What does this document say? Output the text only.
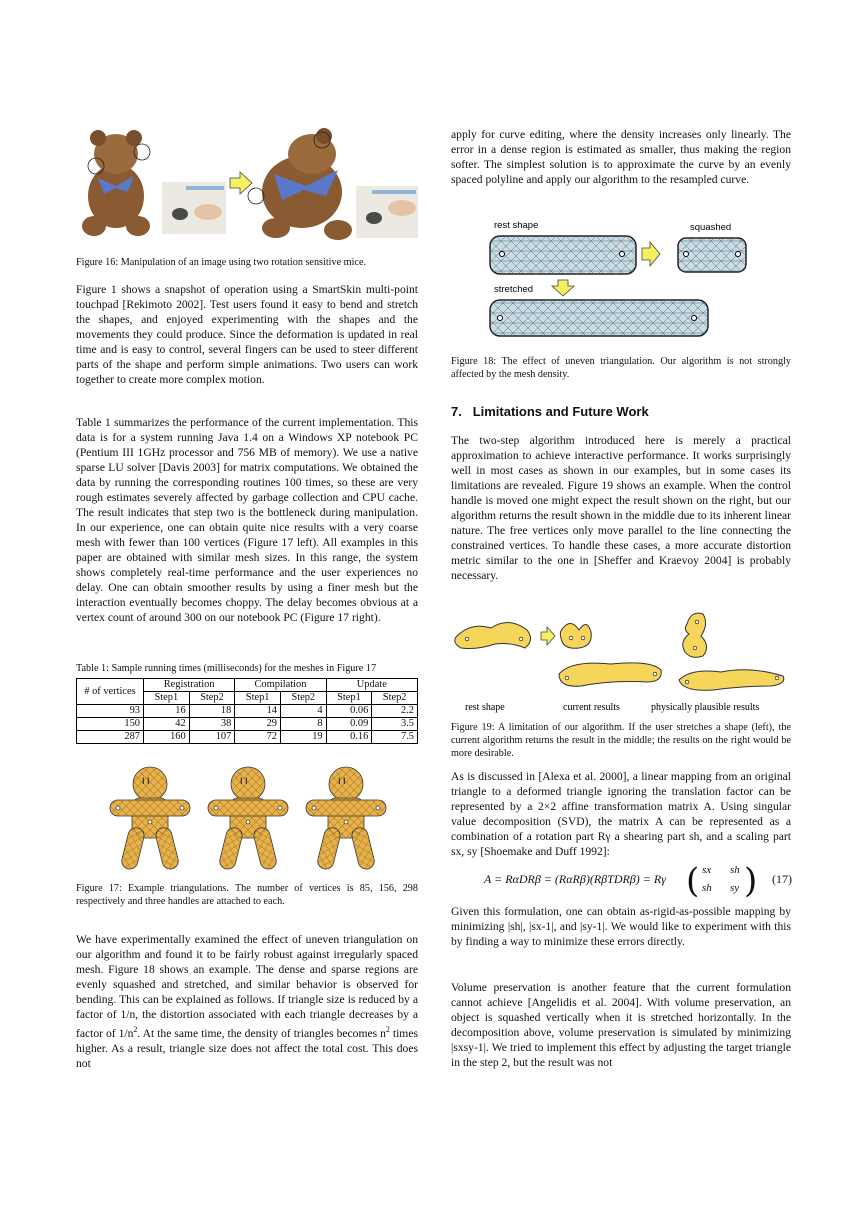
Figure 16: Manipulation of an image using two rotation sensitive mice.

Figure 1 shows a snapshot of operation using a SmartSkin multi-point touchpad [Rekimoto 2002]. Test users found it easy to bend and stretch the shapes, and enjoyed experimenting with the shapes and the movements they could produce. Since the deformation is updated in real time and is easy to control, several fingers can be used to steer different parts of the shape and perform simple animations. Two users can work together to create more complex motion.

Table 1 summarizes the performance of the current implementation. This data is for a system running Java 1.4 on a Windows XP notebook PC (Pentium III 1GHz processor and 756 MB of memory). We use a native sparse LU solver [Davis 2003] for matrix computations. We obtained the data by running the corresponding routines 100 times, so these are very rough estimates severely affected by garbage collection and CPU cache. The result indicates that step two is the bottleneck during manipulation. In our experience, one can obtain quite nice results with a very coarse mesh with fewer than 100 vertices (Figure 17 left). All examples in this paper are obtained with similar mesh sizes. In this range, the system shows completely real-time performance and the user experiences no delay. One can obtain smoother results by using a finer mesh but the interaction eventually becomes choppy. The delay becomes obvious at a vertex count of around 300 on our notebook PC (Figure 17 right).

Table 1: Sample running times (milliseconds) for the meshes in Figure 17

# of vertices	Registration		Compilation		Update	
	Step1	Step2	Step1	Step2	Step1	Step2
93	16	18	14	4	0.06	2.2
150	42	38	29	8	0.09	3.5
287	160	107	72	19	0.16	7.5
I I	I I	I I

Figure 17: Example triangulations. The number of vertices is 85, 156, 298 respectively and three handles are attached to each.

We have experimentally examined the effect of uneven triangulation on our algorithm and found it to be fairly robust against irregularly spaced mesh. Figure 18 shows an example. The dense and sparse regions are evenly squashed and stretched, and similar behavior is observed for bending. This can be explained as follows. If triangle size is reduced by a factor of 1/n, the distortion associated with each triangle decreases by a factor of $1/n^2$. At the same time, the density of triangles becomes $n^2$ times higher. As a result, triangle size does not affect the total cost. This does not

apply for curve editing, where the density increases only linearly. The error in a dense region is estimated as smaller, thus making the region softer. The simplest solution is to approximate the curve by an evenly spaced polyline and apply our algorithm to the resampled curve.

rest shape	squashed
stretched

Figure 18: The effect of uneven triangulation. Our algorithm is not strongly affected by the mesh density.

7. Limitations and Future Work

The two-step algorithm introduced here is merely a practical approximation to achieve interactive performance. It works surprisingly well in most cases as shown in our examples, but in some cases its limitations are revealed. Figure 19 shows an example. When the control handle is moved one might expect the result shown on the right, but our algorithm returns the result shown in the middle due to its inherent linear nature. The free vertices only move parallel to the line connecting the constrained vertices. To handle these cases, a more accurate distortion metric similar to the one in [Sheffer and Kraevoy 2004] is probably necessary.

rest shape	current results	physically plausible results

Figure 19: A limitation of our algorithm. If the user stretches a shape (left), the current algorithm returns the result in the middle; the results on the right would be more desirable.

As is discussed in [Alexa et al. 2000], a linear mapping from an original triangle to a deformed triangle ignoring the translation factor can be represented by a 2×2 affine transformation matrix A. Using singular value decomposition (SVD), the matrix A can be represented as a combination of a rotation part Rγ a shearing part sh, and a scaling part sx, sy [Shoemake and Duff 1992]:

A = RαDRβ = (RαRβ)(RβTDRβ) = Rγ ( sx sh
sh sy ) (17)

Given this formulation, one can obtain as-rigid-as-possible mapping by minimizing |sh|, |sx-1|, and |sy-1|. We would like to experiment with this by finding a way to minimize these errors directly.

Volume preservation is another feature that the current formulation cannot achieve [Angelidis et al. 2004]. With volume preservation, an object is squashed vertically when it is stretched horizontally. In the decomposition above, volume preservation is simulated by minimizing |sxsy-1|. We tried to implement this effect by adjusting the target triangle in the step 2, but the result was not
